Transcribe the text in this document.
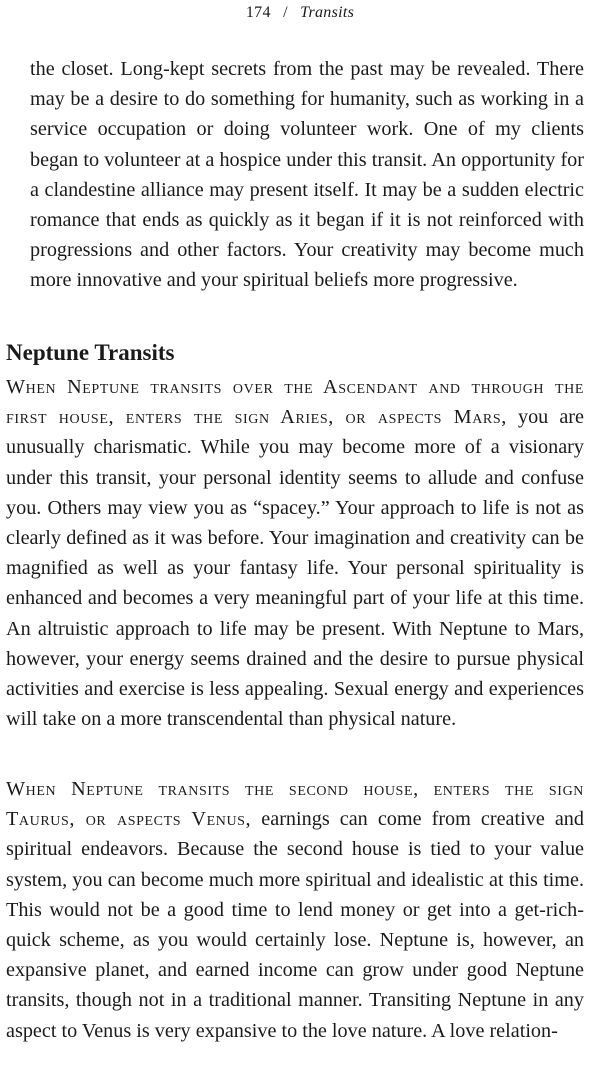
174 / Transits

the closet. Long-kept secrets from the past may be revealed. There may be a desire to do something for humanity, such as working in a service occupation or doing volunteer work. One of my clients began to volunteer at a hospice under this transit. An opportunity for a clandestine alliance may present itself. It may be a sudden electric romance that ends as quickly as it began if it is not reinforced with progressions and other factors. Your creativity may become much more innovative and your spiritual beliefs more progressive.

Neptune Transits

When Neptune transits over the Ascendant and through the first house, enters the sign Aries, or aspects Mars, you are unusually charismatic. While you may become more of a visionary under this transit, your personal identity seems to allude and confuse you. Others may view you as “spacey.” Your approach to life is not as clearly defined as it was before. Your imagination and creativity can be magnified as well as your fantasy life. Your personal spirituality is enhanced and becomes a very meaningful part of your life at this time. An altruistic approach to life may be present. With Neptune to Mars, however, your energy seems drained and the desire to pursue physical activities and exercise is less appealing. Sexual energy and experiences will take on a more transcendental than physical nature.

When Neptune transits the second house, enters the sign Taurus, or aspects Venus, earnings can come from creative and spiritual endeavors. Because the second house is tied to your value system, you can become much more spiritual and idealistic at this time. This would not be a good time to lend money or get into a get-rich-quick scheme, as you would certainly lose. Neptune is, however, an expansive planet, and earned income can grow under good Neptune transits, though not in a traditional manner. Transiting Neptune in any aspect to Venus is very expansive to the love nature. A love relation-
